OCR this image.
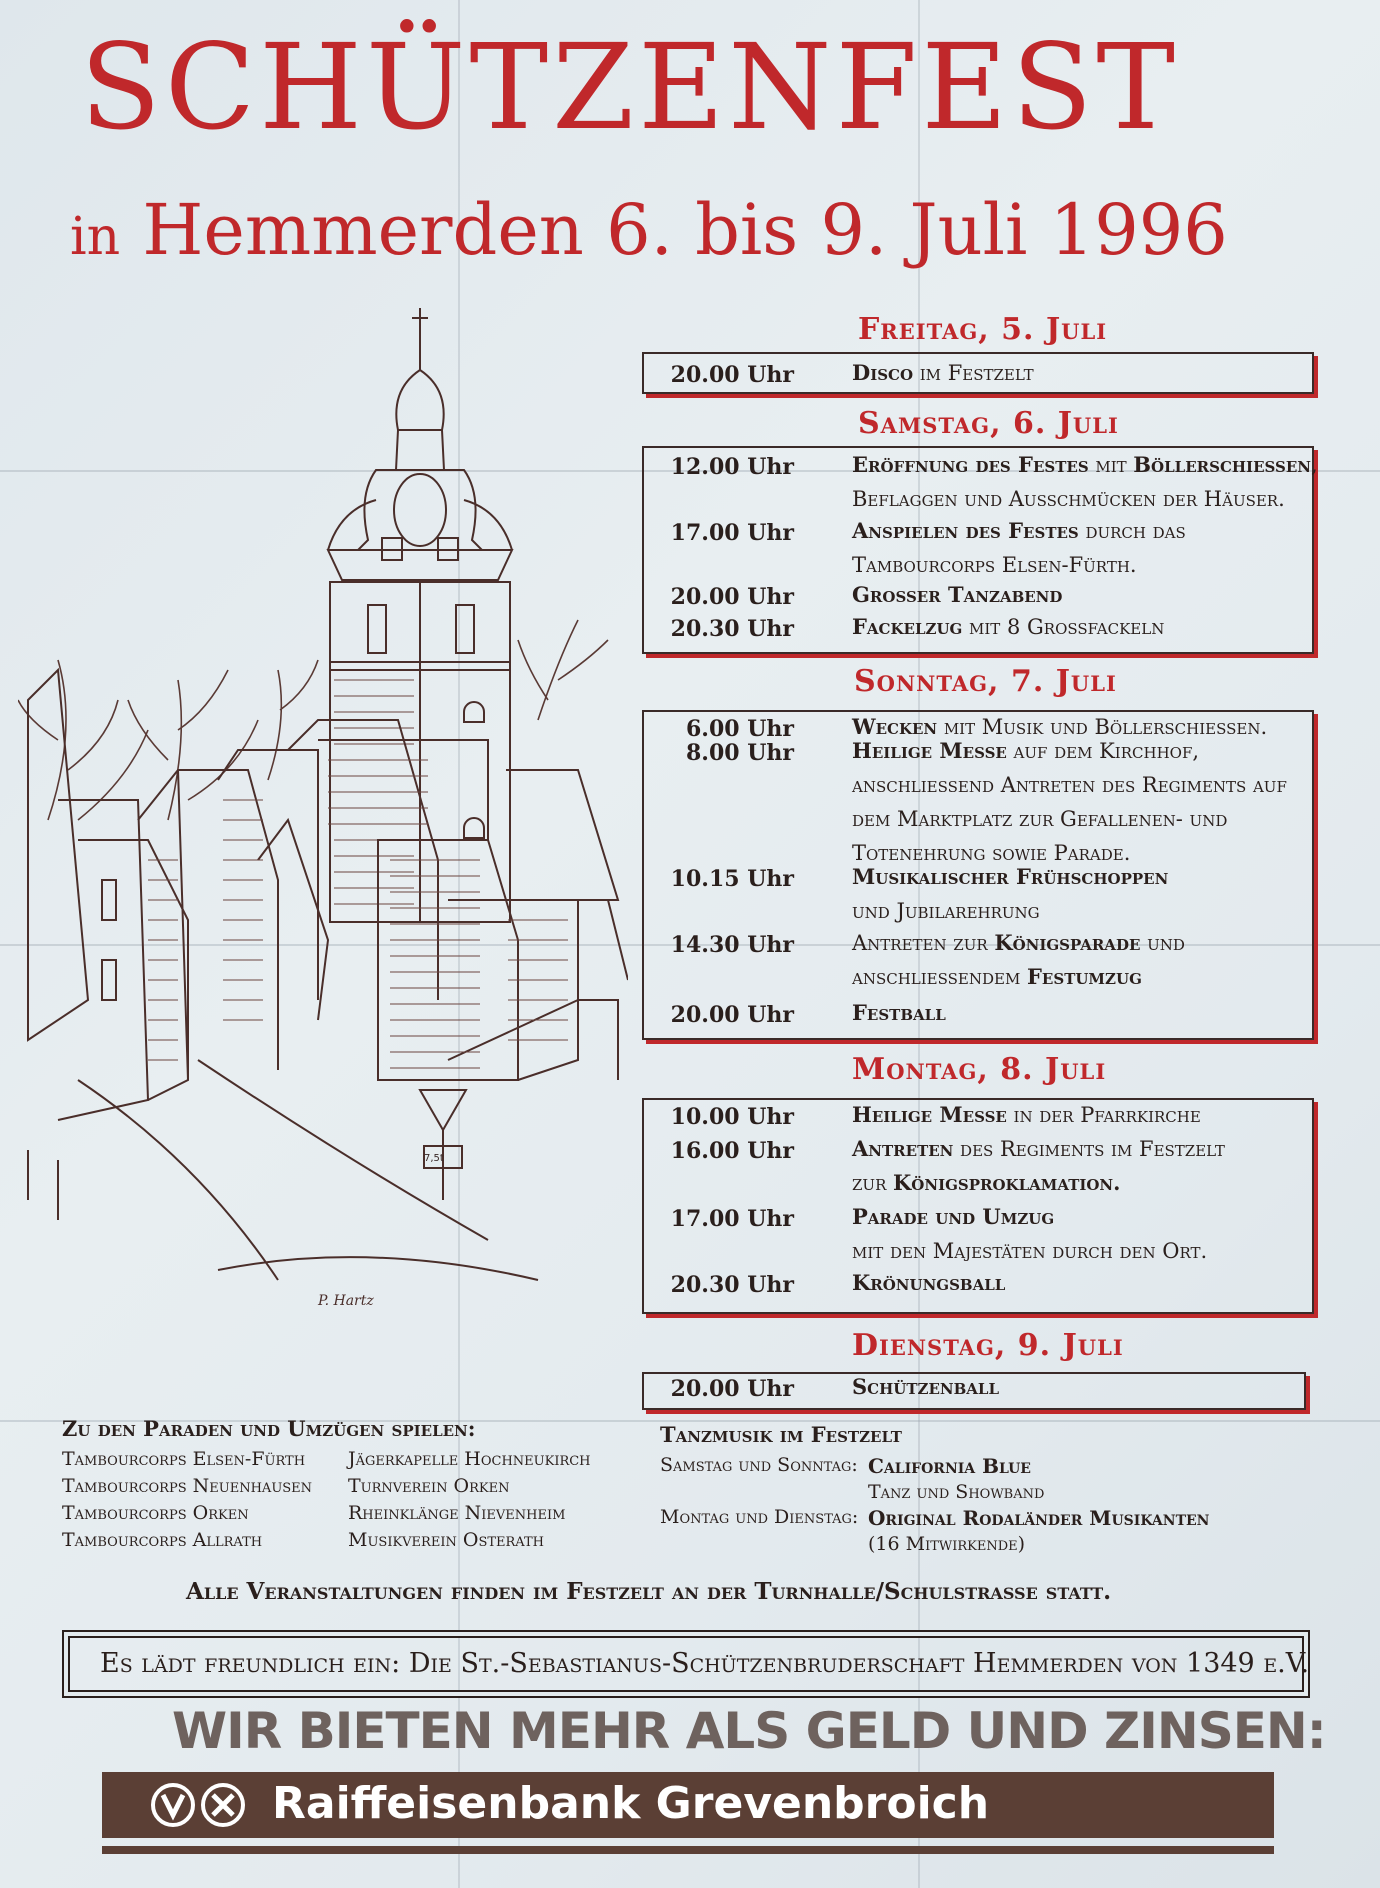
SCHÜTZENFEST
in Hemmerden 6. bis 9. Juli 1996
7,5t
P. Hartz
Freitag, 5. Juli
20.00 Uhr	Disco im Festzelt
Samstag, 6. Juli
12.00 Uhr	Eröffnung des Festes mit Böllerschießen,
Beflaggen und Ausschmücken der Häuser.
17.00 Uhr	Anspielen des Festes durch das
Tambourcorps Elsen-Fürth.
20.00 Uhr	Großer Tanzabend
20.30 Uhr	Fackelzug mit 8 Großfackeln
Sonntag, 7. Juli
6.00 Uhr	Wecken mit Musik und Böllerschießen.
8.00 Uhr	Heilige Messe auf dem Kirchhof,
anschließend Antreten des Regiments auf
dem Marktplatz zur Gefallenen- und
Totenehrung sowie Parade.
10.15 Uhr	Musikalischer Frühschoppen
und Jubilarehrung
14.30 Uhr	Antreten zur Königsparade und
anschließendem Festumzug
20.00 Uhr	Festball
Montag, 8. Juli
10.00 Uhr	Heilige Messe in der Pfarrkirche
16.00 Uhr	Antreten des Regiments im Festzelt
zur Königsproklamation.
17.00 Uhr	Parade und Umzug
mit den Majestäten durch den Ort.
20.30 Uhr	Krönungsball
Dienstag, 9. Juli
20.00 Uhr	Schützenball
Zu den Paraden und Umzügen spielen:
Tambourcorps Elsen-Fürth
Tambourcorps Neuenhausen
Tambourcorps Orken
Tambourcorps Allrath
Jägerkapelle Hochneukirch
Turnverein Orken
Rheinklänge Nievenheim
Musikverein Osterath
Tanzmusik im Festzelt
Samstag und Sonntag: California Blue
Tanz und Showband
Montag und Dienstag: Original Rodaländer Musikanten
(16 Mitwirkende)
Alle Veranstaltungen finden im Festzelt an der Turnhalle/Schulstraße statt.
Es lädt freundlich ein: Die St.-Sebastianus-Schützenbruderschaft Hemmerden von 1349 e.V.
WIR BIETEN MEHR ALS GELD UND ZINSEN:
Raiffeisenbank Grevenbroich
